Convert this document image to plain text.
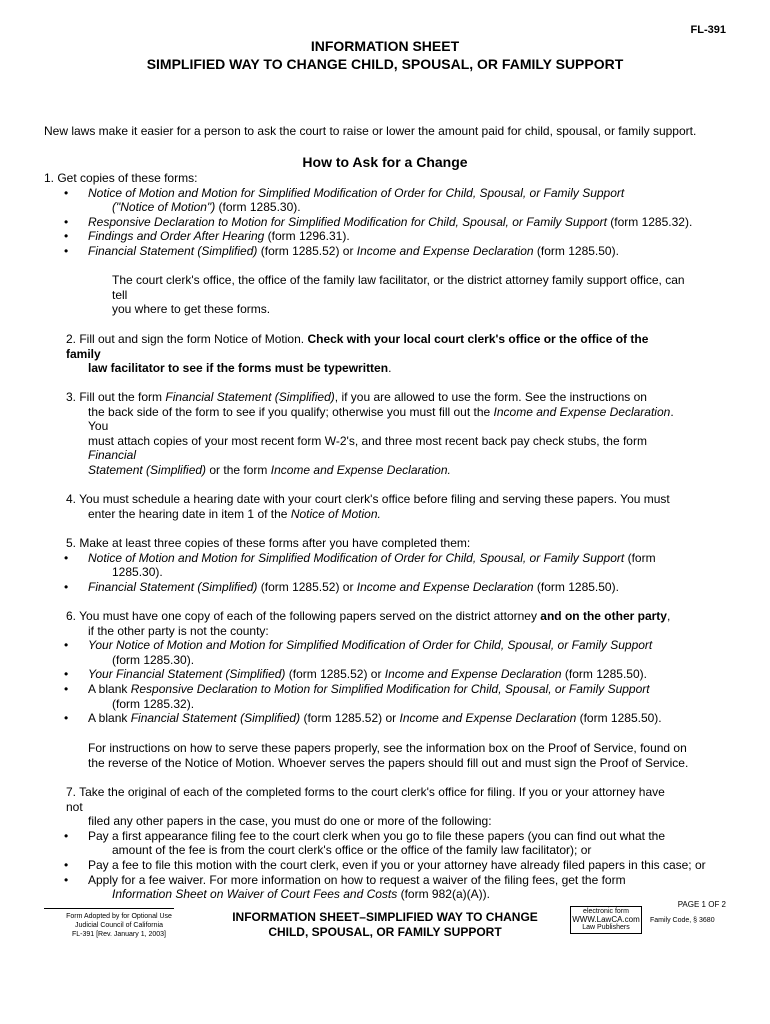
FL-391
INFORMATION SHEET
SIMPLIFIED WAY TO CHANGE CHILD, SPOUSAL, OR FAMILY SUPPORT
New laws make it easier for a person to ask the court to raise or lower the amount paid for child, spousal, or family support.
How to Ask for a Change
1. Get copies of these forms:
• Notice of Motion and Motion for Simplified Modification of Order for Child, Spousal, or Family Support
("Notice of Motion") (form 1285.30).
• Responsive Declaration to Motion for Simplified Modification for Child, Spousal, or Family Support (form 1285.32).
• Findings and Order After Hearing (form 1296.31).
• Financial Statement (Simplified) (form 1285.52) or Income and Expense Declaration (form 1285.50).
The court clerk's office, the office of the family law facilitator, or the district attorney family support office, can
tell
you where to get these forms.
2. Fill out and sign the form Notice of Motion. Check with your local court clerk's office or the office of the
family
law facilitator to see if the forms must be typewritten.
3. Fill out the form Financial Statement (Simplified), if you are allowed to use the form. See the instructions on
the back side of the form to see if you qualify; otherwise you must fill out the Income and Expense Declaration.
You
must attach copies of your most recent form W-2's, and three most recent back pay check stubs, the form
Financial
Statement (Simplified) or the form Income and Expense Declaration.
4. You must schedule a hearing date with your court clerk's office before filing and serving these papers. You must
enter the hearing date in item 1 of the Notice of Motion.
5. Make at least three copies of these forms after you have completed them:
• Notice of Motion and Motion for Simplified Modification of Order for Child, Spousal, or Family Support (form
1285.30).
• Financial Statement (Simplified) (form 1285.52) or Income and Expense Declaration (form 1285.50).
6. You must have one copy of each of the following papers served on the district attorney and on the other party,
if the other party is not the county:
• Your Notice of Motion and Motion for Simplified Modification of Order for Child, Spousal, or Family Support
(form 1285.30).
• Your Financial Statement (Simplified) (form 1285.52) or Income and Expense Declaration (form 1285.50).
• A blank Responsive Declaration to Motion for Simplified Modification for Child, Spousal, or Family Support
(form 1285.32).
• A blank Financial Statement (Simplified) (form 1285.52) or Income and Expense Declaration (form 1285.50).
For instructions on how to serve these papers properly, see the information box on the Proof of Service, found on
the reverse of the Notice of Motion. Whoever serves the papers should fill out and must sign the Proof of Service.
7. Take the original of each of the completed forms to the court clerk's office for filing. If you or your attorney have
not
filed any other papers in the case, you must do one or more of the following:
• Pay a first appearance filing fee to the court clerk when you go to file these papers (you can find out what the
amount of the fee is from the court clerk's office or the office of the family law facilitator); or
• Pay a fee to file this motion with the court clerk, even if you or your attorney have already filed papers in this case; or
• Apply for a fee waiver. For more information on how to request a waiver of the filing fees, get the form
Information Sheet on Waiver of Court Fees and Costs (form 982(a)(A)).
PAGE 1 OF 2
Form Adopted by for Optional Use
Judicial Council of California
FL-391 [Rev. January 1, 2003]
INFORMATION SHEET–SIMPLIFIED WAY TO CHANGE
CHILD, SPOUSAL, OR FAMILY SUPPORT
electronic form
WWW.LawCA.com
Law Publishers
Family Code, § 3680
